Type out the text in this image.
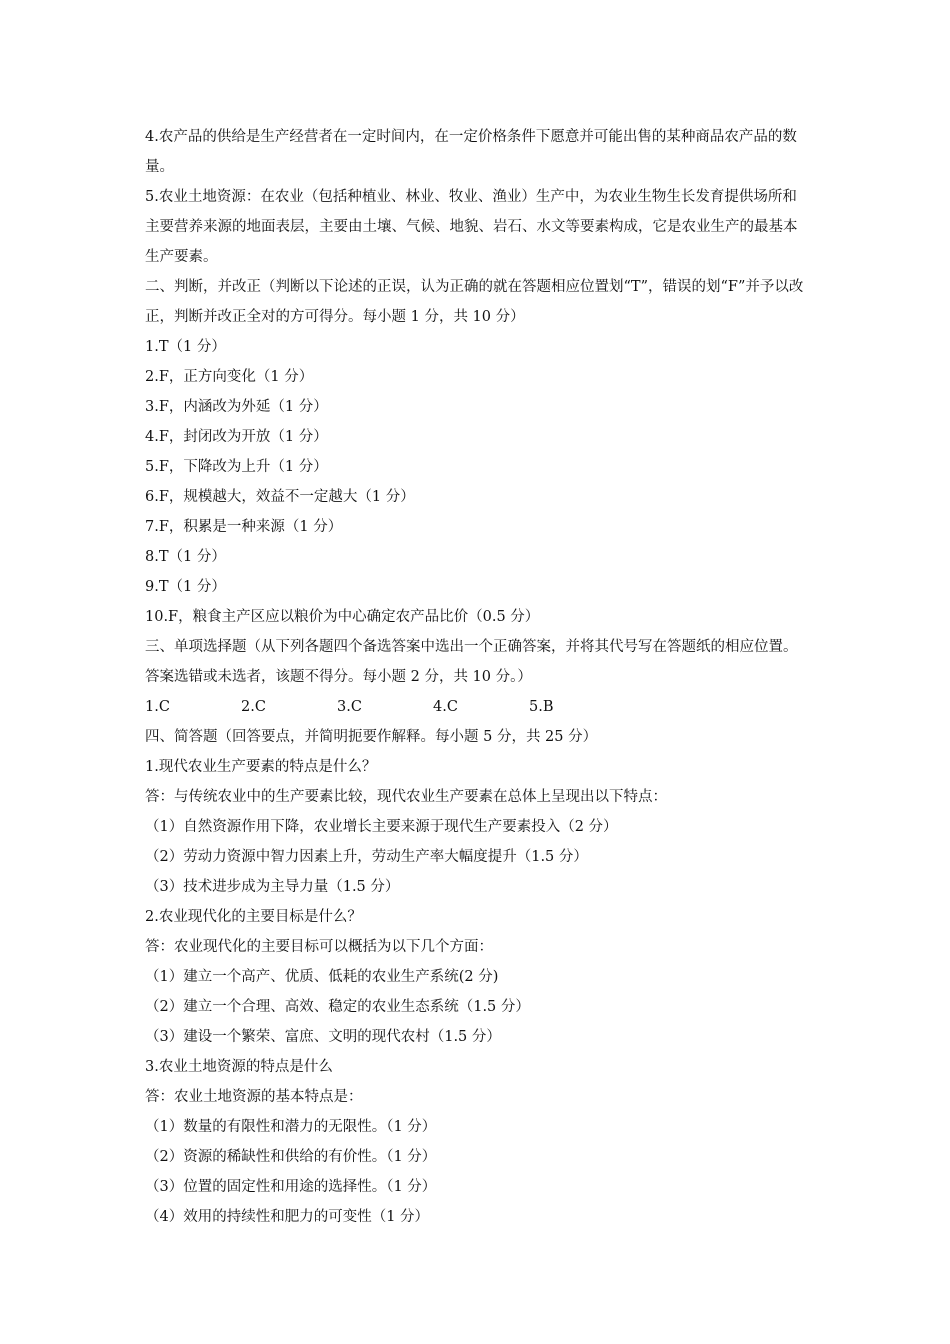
4.农产品的供给是生产经营者在一定时间内，在一定价格条件下愿意并可能出售的某种商品农产品的数量。
5.农业土地资源：在农业（包括种植业、林业、牧业、渔业）生产中，为农业生物生长发育提供场所和主要营养来源的地面表层，主要由土壤、气候、地貌、岩石、水文等要素构成，它是农业生产的最基本生产要素。
二、判断，并改正（判断以下论述的正误，认为正确的就在答题相应位置划“T”，错误的划“F”并予以改正，判断并改正全对的方可得分。每小题 1 分，共 10 分）
1.T（1 分）
2.F，正方向变化（1 分）
3.F，内涵改为外延（1 分）
4.F，封闭改为开放（1 分）
5.F，下降改为上升（1 分）
6.F，规模越大，效益不一定越大（1 分）
7.F，积累是一种来源（1 分）
8.T（1 分）
9.T（1 分）
10.F，粮食主产区应以粮价为中心确定农产品比价（0.5 分）
三、单项选择题（从下列各题四个备选答案中选出一个正确答案，并将其代号写在答题纸的相应位置。答案选错或未选者，该题不得分。每小题 2 分，共 10 分。）
1.C	2.C	3.C	4.C	5.B
四、简答题（回答要点，并简明扼要作解释。每小题 5 分，共 25 分）
1.现代农业生产要素的特点是什么？
答：与传统农业中的生产要素比较，现代农业生产要素在总体上呈现出以下特点：
（1）自然资源作用下降，农业增长主要来源于现代生产要素投入（2 分）
（2）劳动力资源中智力因素上升，劳动生产率大幅度提升（1.5 分）
（3）技术进步成为主导力量（1.5 分）
2.农业现代化的主要目标是什么？
答：农业现代化的主要目标可以概括为以下几个方面：
（1）建立一个高产、优质、低耗的农业生产系统(2 分)
（2）建立一个合理、高效、稳定的农业生态系统（1.5 分）
（3）建设一个繁荣、富庶、文明的现代农村（1.5 分）
3.农业土地资源的特点是什么
答：农业土地资源的基本特点是：
（1）数量的有限性和潜力的无限性。（1 分）
（2）资源的稀缺性和供给的有价性。（1 分）
（3）位置的固定性和用途的选择性。（1 分）
（4）效用的持续性和肥力的可变性（1 分）
